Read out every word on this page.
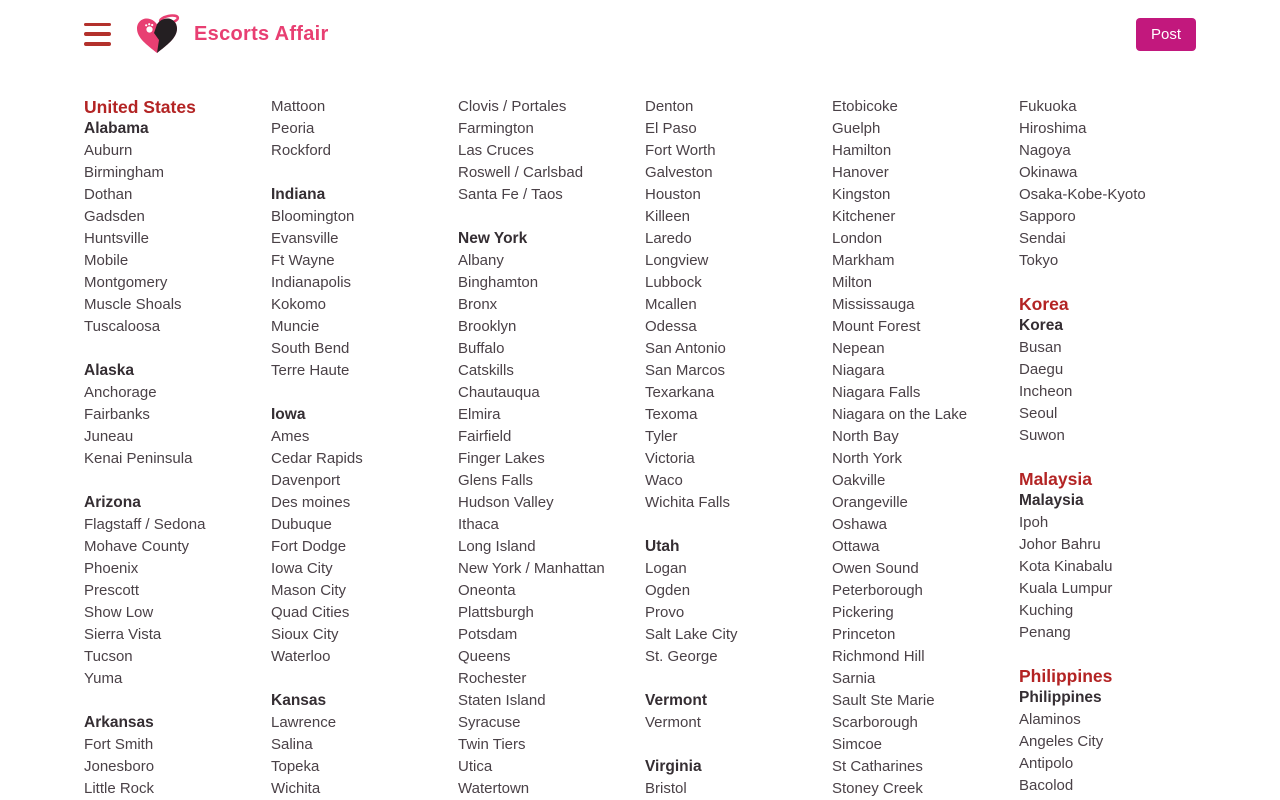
Escorts Affair	Post
United States
Alabama
Auburn
Birmingham
Dothan
Gadsden
Huntsville
Mobile
Montgomery
Muscle Shoals
Tuscaloosa
Alaska
Anchorage
Fairbanks
Juneau
Kenai Peninsula
Arizona
Flagstaff / Sedona
Mohave County
Phoenix
Prescott
Show Low
Sierra Vista
Tucson
Yuma
Arkansas
Fort Smith
Jonesboro
Little Rock
Mattoon
Peoria
Rockford
Indiana
Bloomington
Evansville
Ft Wayne
Indianapolis
Kokomo
Muncie
South Bend
Terre Haute
Iowa
Ames
Cedar Rapids
Davenport
Des moines
Dubuque
Fort Dodge
Iowa City
Mason City
Quad Cities
Sioux City
Waterloo
Kansas
Lawrence
Salina
Topeka
Wichita
Clovis / Portales
Farmington
Las Cruces
Roswell / Carlsbad
Santa Fe / Taos
New York
Albany
Binghamton
Bronx
Brooklyn
Buffalo
Catskills
Chautauqua
Elmira
Fairfield
Finger Lakes
Glens Falls
Hudson Valley
Ithaca
Long Island
New York / Manhattan
Oneonta
Plattsburgh
Potsdam
Queens
Rochester
Staten Island
Syracuse
Twin Tiers
Utica
Watertown
Denton
El Paso
Fort Worth
Galveston
Houston
Killeen
Laredo
Longview
Lubbock
Mcallen
Odessa
San Antonio
San Marcos
Texarkana
Texoma
Tyler
Victoria
Waco
Wichita Falls
Utah
Logan
Ogden
Provo
Salt Lake City
St. George
Vermont
Vermont
Virginia
Bristol
Etobicoke
Guelph
Hamilton
Hanover
Kingston
Kitchener
London
Markham
Milton
Mississauga
Mount Forest
Nepean
Niagara
Niagara Falls
Niagara on the Lake
North Bay
North York
Oakville
Orangeville
Oshawa
Ottawa
Owen Sound
Peterborough
Pickering
Princeton
Richmond Hill
Sarnia
Sault Ste Marie
Scarborough
Simcoe
St Catharines
Stoney Creek
Fukuoka
Hiroshima
Nagoya
Okinawa
Osaka-Kobe-Kyoto
Sapporo
Sendai
Tokyo
Korea
Korea
Busan
Daegu
Incheon
Seoul
Suwon
Malaysia
Malaysia
Ipoh
Johor Bahru
Kota Kinabalu
Kuala Lumpur
Kuching
Penang
Philippines
Philippines
Alaminos
Angeles City
Antipolo
Bacolod
